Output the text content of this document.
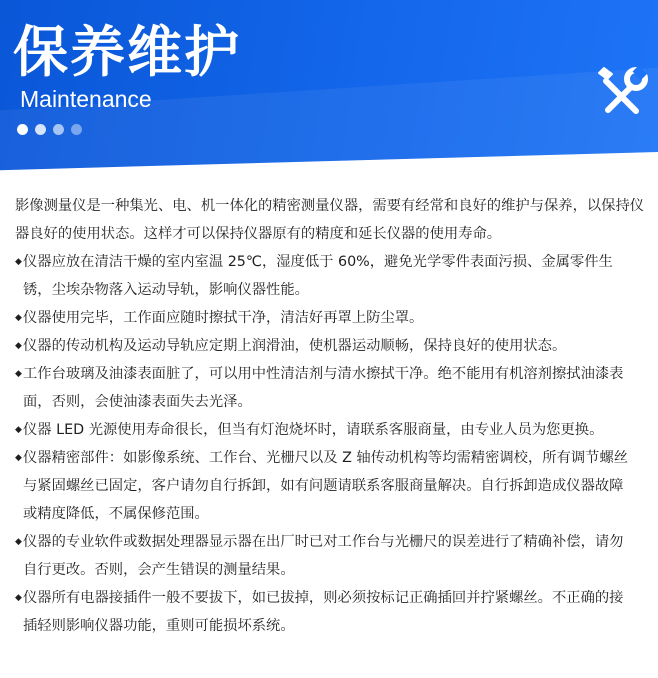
保养维护
Maintenance

影像测量仪是一种集光、电、机一体化的精密测量仪器，需要有经常和良好的维护与保养，以保持仪器良好的使用状态。这样才可以保持仪器原有的精度和延长仪器的使用寿命。

◆ 仪器应放在清洁干燥的室内室温 25℃，湿度低于 60%，避免光学零件表面污损、金属零件生锈，尘埃杂物落入运动导轨，影响仪器性能。
◆ 仪器使用完毕，工作面应随时擦拭干净，清洁好再罩上防尘罩。
◆ 仪器的传动机构及运动导轨应定期上润滑油，使机器运动顺畅，保持良好的使用状态。
◆ 工作台玻璃及油漆表面脏了，可以用中性清洁剂与清水擦拭干净。绝不能用有机溶剂擦拭油漆表面，否则，会使油漆表面失去光泽。
◆ 仪器 LED 光源使用寿命很长，但当有灯泡烧坏时，请联系客服商量，由专业人员为您更换。
◆ 仪器精密部件：如影像系统、工作台、光栅尺以及 Z 轴传动机构等均需精密调校，所有调节螺丝与紧固螺丝已固定，客户请勿自行拆卸，如有问题请联系客服商量解决。自行拆卸造成仪器故障或精度降低，不属保修范围。
◆ 仪器的专业软件或数据处理器显示器在出厂时已对工作台与光栅尺的误差进行了精确补偿，请勿自行更改。否则，会产生错误的测量结果。
◆ 仪器所有电器接插件一般不要拔下，如已拔掉，则必须按标记正确插回并拧紧螺丝。不正确的接插轻则影响仪器功能，重则可能损坏系统。
